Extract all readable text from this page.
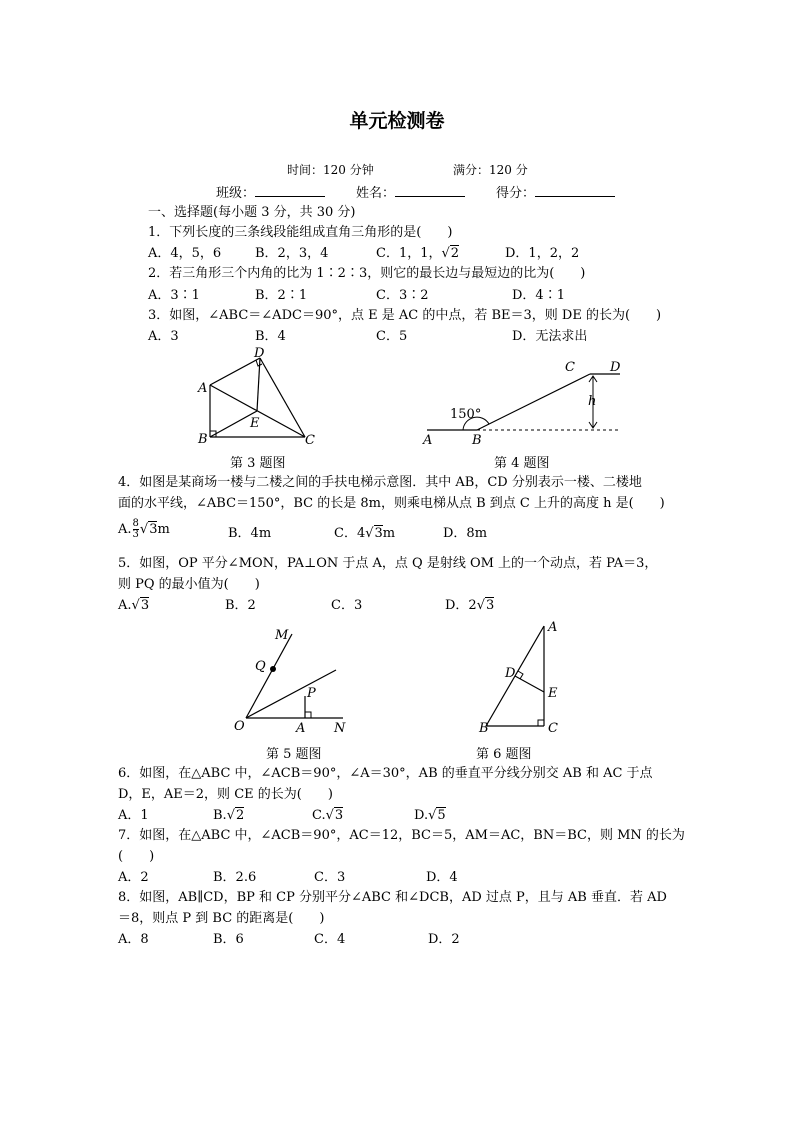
单元检测卷
时间：120 分钟	满分：120 分
班级：	姓名：	得分：
一、选择题(每小题 3 分，共 30 分)
1．下列长度的三条线段能组成直角三角形的是(　　)
A．4，5，6	B．2，3，4	C．1，1，√2	D．1，2，2
2．若三角形三个内角的比为 1∶2∶3，则它的最长边与最短边的比为(　　)
A．3∶1	B．2∶1	C．3∶2	D．4∶1
3．如图，∠ABC＝∠ADC＝90°，点 E 是 AC 的中点，若 BE＝3，则 DE 的长为(　　)
A．3	B．4	C．5	D．无法求出
A
B	C
D
E
第 3 题图
150°
A	B
C	D
h
第 4 题图
4．如图是某商场一楼与二楼之间的手扶电梯示意图．其中 AB，CD 分别表示一楼、二楼地
面的水平线，∠ABC＝150°，BC 的长是 8m，则乘电梯从点 B 到点 C 上升的高度 h 是(　　)
A. $\frac{8}{3} √3m$	B．4m	C．4√3m	D．8m
5．如图，OP 平分∠MON，PA⊥ON 于点 A，点 Q 是射线 OM 上的一个动点，若 PA＝3，
则 PQ 的最小值为(　　)
A.√3	B．2	C．3	D．2√3
M
Q
P
O	A N
第 5 题图
A
B	C
D
E
第 6 题图
6．如图，在△ABC 中，∠ACB＝90°，∠A＝30°，AB 的垂直平分线分别交 AB 和 AC 于点
D，E，AE＝2，则 CE 的长为(　　)
A．1	B.√2	C.√3	D.√5
7．如图，在△ABC 中，∠ACB＝90°，AC＝12，BC＝5，AM＝AC，BN＝BC，则 MN 的长为
(　　)
A．2	B．2.6	C．3	D．4
8．如图，AB∥CD，BP 和 CP 分别平分∠ABC 和∠DCB，AD 过点 P，且与 AB 垂直．若 AD
＝8，则点 P 到 BC 的距离是(　　)
A．8	B．6	C．4	D．2
